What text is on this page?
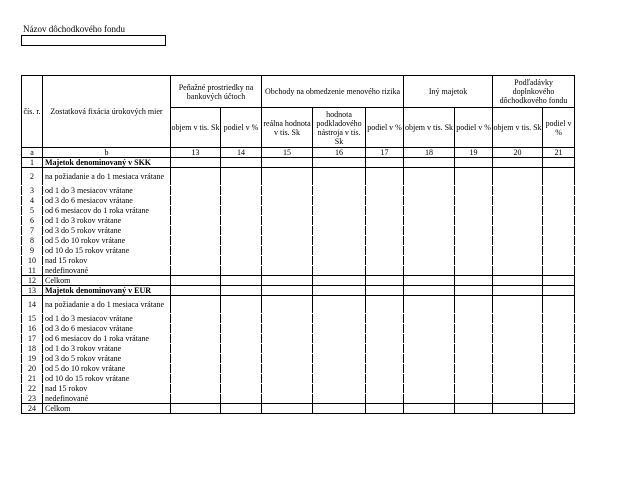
Názov dôchodkového fondu
čís. r.	Zostatková fixácia úrokových mier	Peňažné prostriedky na bankových účtoch		Obchody na obmedzenie menového rizika			Iný majetok		Podľadávky doplnkového dôchodkového fondu	
		objem v tis. Sk	podiel v %	reálna hodnota v tis. Sk	hodnota podkladového nástroja v tis. Sk	podiel v %	objem v tis. Sk	podiel v %	objem v tis. Sk	podiel v %
a	b	13	14	15	16	17	18	19	20	21
1	Majetok denominovaný v SKK									
2	na požiadanie a do 1 mesiaca vrátane									
3	od 1 do 3 mesiacov vrátane									
4	od 3 do 6 mesiacov vrátane									
5	od 6 mesiacov do 1 roka vrátane									
6	od 1 do 3 rokov vrátane									
7	od 3 do 5 rokov vrátane									
8	od 5 do 10 rokov vrátane									
9	od 10 do 15 rokov vrátane									
10	nad 15 rokov									
11	nedefinované									
12	Celkom									
13	Majetok denominovaný v EUR									
14	na požiadanie a do 1 mesiaca vrátane									
15	od 1 do 3 mesiacov vrátane									
16	od 3 do 6 mesiacov vrátane									
17	od 6 mesiacov do 1 roka vrátane									
18	od 1 do 3 rokov vrátane									
19	od 3 do 5 rokov vrátane									
20	od 5 do 10 rokov vrátane									
21	od 10 do 15 rokov vrátane									
22	nad 15 rokov									
23	nedefinované									
24	Celkom									
